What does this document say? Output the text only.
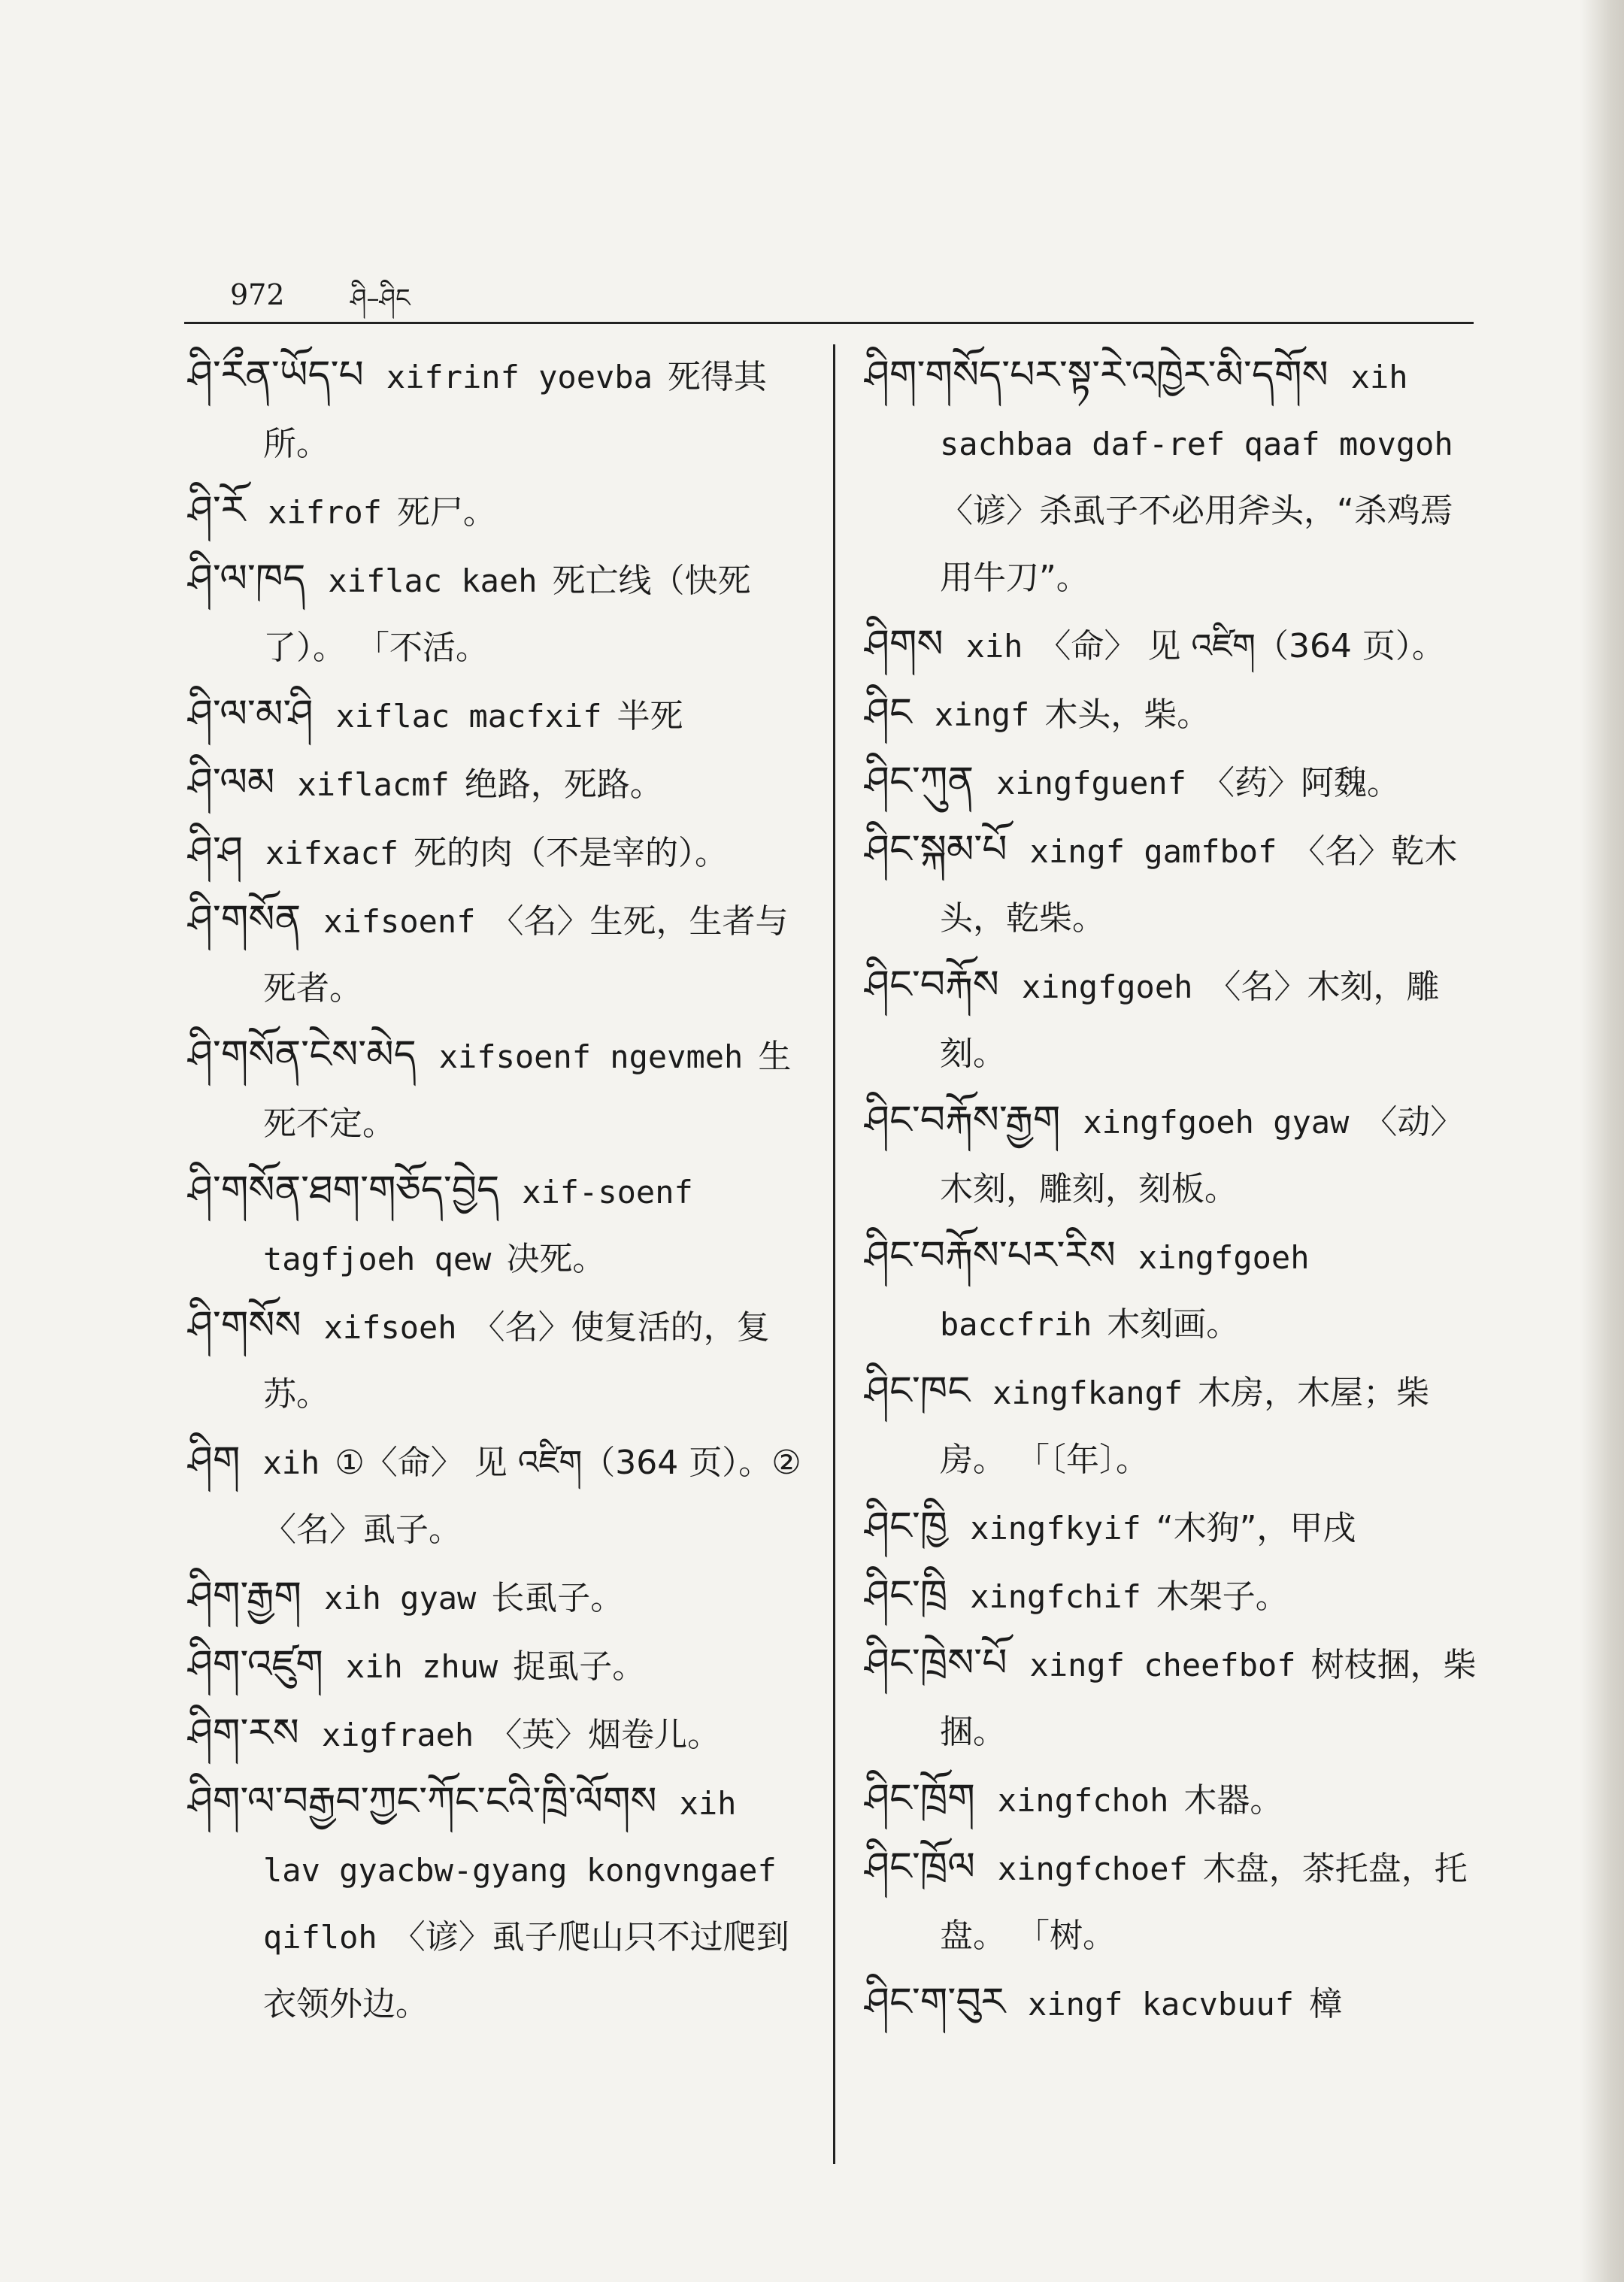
972	ཤི–ཤིང

ཤི་རྀན་ཡོད་པ xifrinf yoevba 死得其所。

ཤི་རོ xifrof 死尸。

ཤི་ལ་ཁད xiflac kaeh 死亡线（快死了）。 「不活。

ཤི་ལ་མ་ཤི xiflac macfxif 半死

ཤི་ལམ xiflacmf 绝路，死路。

ཤི་ཤ xifxacf 死的肉（不是宰的）。

ཤི་གསོན xifsoenf 〈名〉生死，生者与死者。

ཤི་གསོན་ངེས་མེད xifsoenf ngevmeh 生死不定。

ཤི་གསོན་ཐག་གཅོད་བྱེད xif-soenf tagfjoeh qew 决死。

ཤི་གསོས xifsoeh 〈名〉使复活的，复苏。

ཤིག xih ①〈命〉 见 འཛིག（364 页）。②〈名〉虱子。

ཤིག་རྒྱག xih gyaw 长虱子。

ཤིག་འཛུག xih zhuw 捉虱子。

ཤིག་རས xigfraeh 〈英〉烟卷儿。

ཤིག་ལ་བརྒྱབ་ཀྱང་ཀོང་ངའི་ཁྲི་ལོགས xih lav gyacbw-gyang kongvngaef qifloh 〈谚〉虱子爬山只不过爬到衣领外边。

ཤིག་གསོད་པར་སྟ་རེ་འཁྱེར་མི་དགོས xih sachbaa daf-ref qaaf movgoh〈谚〉杀虱子不必用斧头，“杀鸡焉用牛刀”。

ཤིགས xih 〈命〉 见 འཛིག（364 页）。

ཤིང xingf 木头，柴。

ཤིང་ཀུན xingfguenf 〈药〉阿魏。

ཤིང་སྐམ་པོ xingf gamfbof 〈名〉乾木头，乾柴。

ཤིང་བརྐོས xingfgoeh 〈名〉木刻，雕刻。

ཤིང་བརྐོས་རྒྱག xingfgoeh gyaw 〈动〉木刻，雕刻，刻板。

ཤིང་བརྐོས་པར་རིས xingfgoeh baccfrih 木刻画。

ཤིང་ཁང xingfkangf 木房，木屋；柴房。 「〔年〕。

ཤིང་ཁྱི xingfkyif “木狗”，甲戌

ཤིང་ཁྲི xingfchif 木架子。

ཤིང་ཁྲེས་པོ xingf cheefbof 树枝捆，柴捆。

ཤིང་ཁྲོག xingfchoh 木器。

ཤིང་ཁྲོལ xingfchoef 木盘，茶托盘，托盘。 「树。

ཤིང་ག་བུར xingf kacvbuuf 樟
